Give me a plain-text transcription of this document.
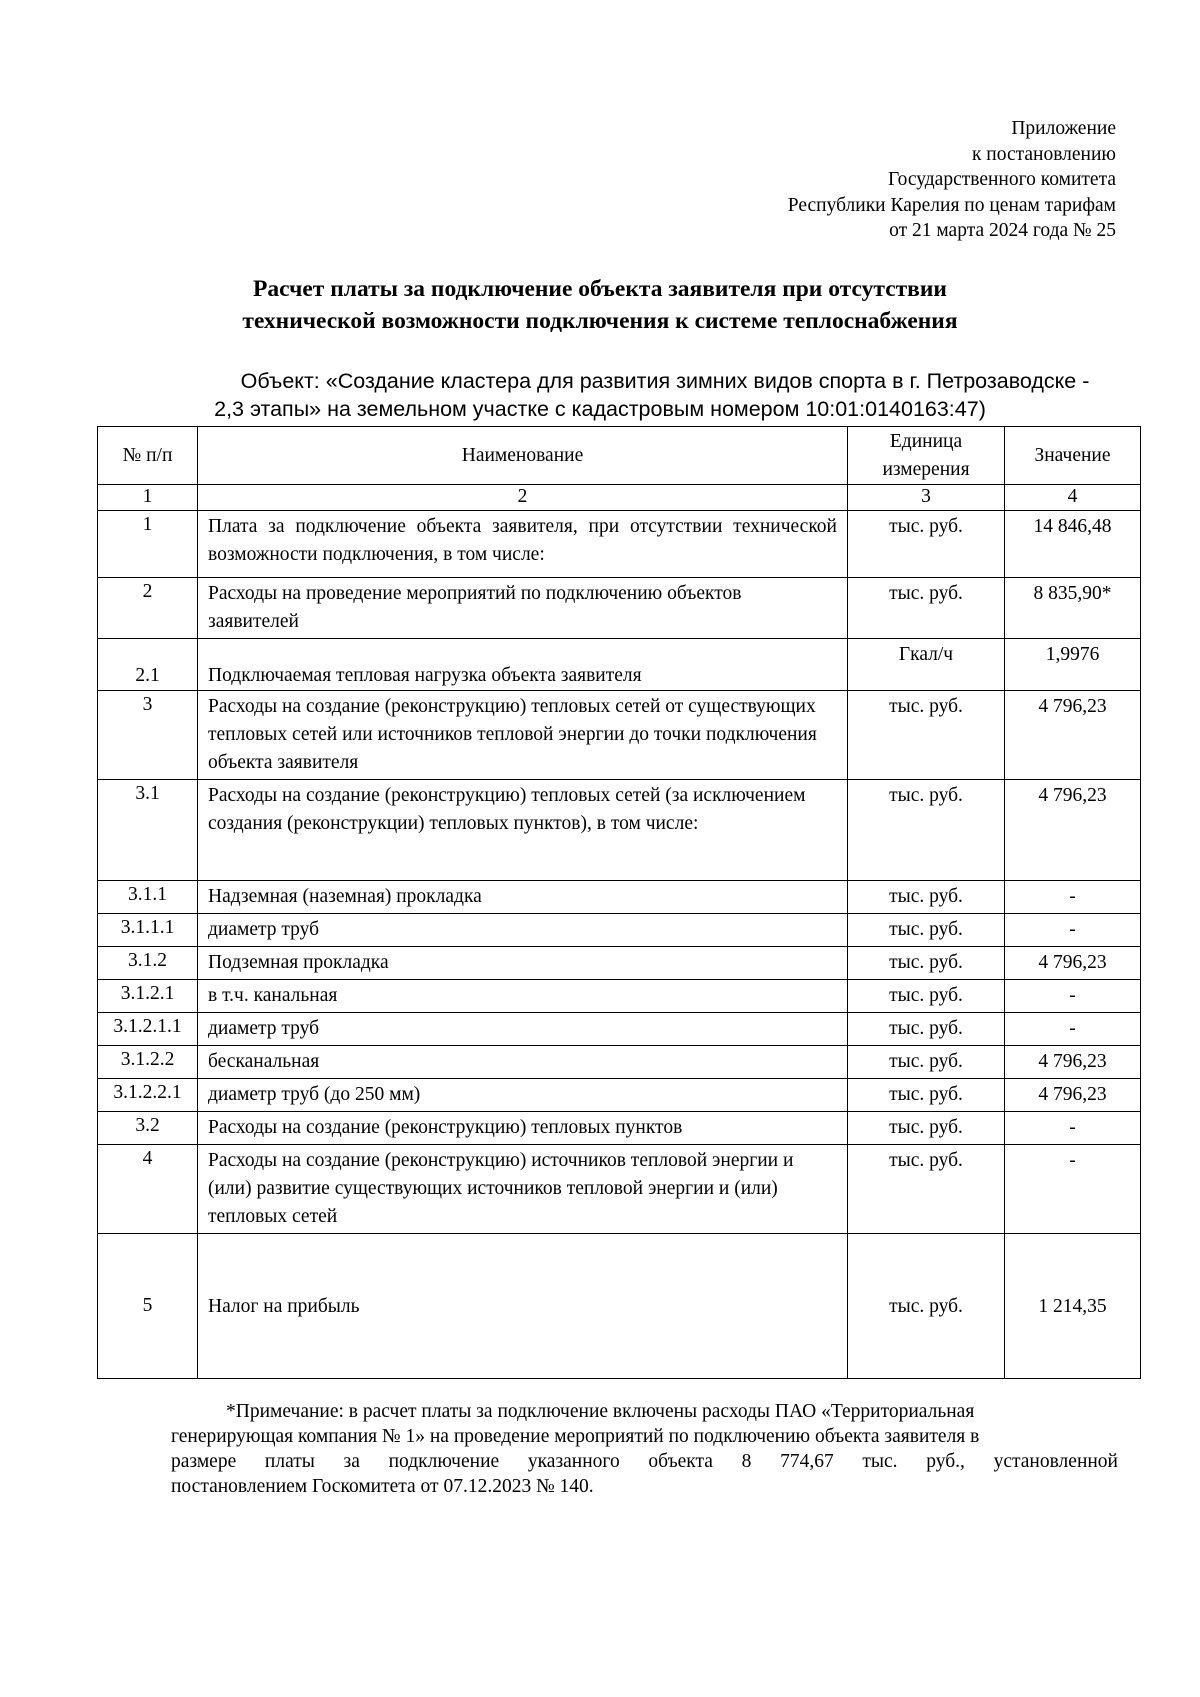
Приложение
к постановлению
Государственного комитета
Республики Карелия по ценам тарифам
от 21 марта 2024 года № 25
Расчет платы за подключение объекта заявителя при отсутствии
технической возможности подключения к системе теплоснабжения
Объект: «Создание кластера для развития зимних видов спорта в г. Петрозаводске -
2,3 этапы» на земельном участке с кадастровым номером 10:01:0140163:47)
№ п/п	Наименование	Единица измерения	Значение
1	2	3	4
1	Плата за подключение объекта заявителя, при отсутствии технической возможности подключения, в том числе:	тыс. руб.	14 846,48
2	Расходы на проведение мероприятий по подключению объектов заявителей	тыс. руб.	8 835,90*
2.1	Подключаемая тепловая нагрузка объекта заявителя	Гкал/ч	1,9976
3	Расходы на создание (реконструкцию) тепловых сетей от существующих тепловых сетей или источников тепловой энергии до точки подключения объекта заявителя	тыс. руб.	4 796,23
3.1	Расходы на создание (реконструкцию) тепловых сетей (за исключением создания (реконструкции) тепловых пунктов), в том числе:	тыс. руб.	4 796,23
3.1.1	Надземная (наземная) прокладка	тыс. руб.	-
3.1.1.1	диаметр труб	тыс. руб.	-
3.1.2	Подземная прокладка	тыс. руб.	4 796,23
3.1.2.1	в т.ч. канальная	тыс. руб.	-
3.1.2.1.1	диаметр труб	тыс. руб.	-
3.1.2.2	бесканальная	тыс. руб.	4 796,23
3.1.2.2.1	диаметр труб (до 250 мм)	тыс. руб.	4 796,23
3.2	Расходы на создание (реконструкцию) тепловых пунктов	тыс. руб.	-
4	Расходы на создание (реконструкцию) источников тепловой энергии и (или) развитие существующих источников тепловой энергии и (или) тепловых сетей	тыс. руб.	-
5	Налог на прибыль	тыс. руб.	1 214,35
*Примечание: в расчет платы за подключение включены расходы ПАО «Территориальная
генерирующая компания № 1» на проведение мероприятий по подключению объекта заявителя в
размере платы за подключение указанного объекта 8 774,67 тыс. руб., установленной
постановлением Госкомитета от 07.12.2023 № 140.
